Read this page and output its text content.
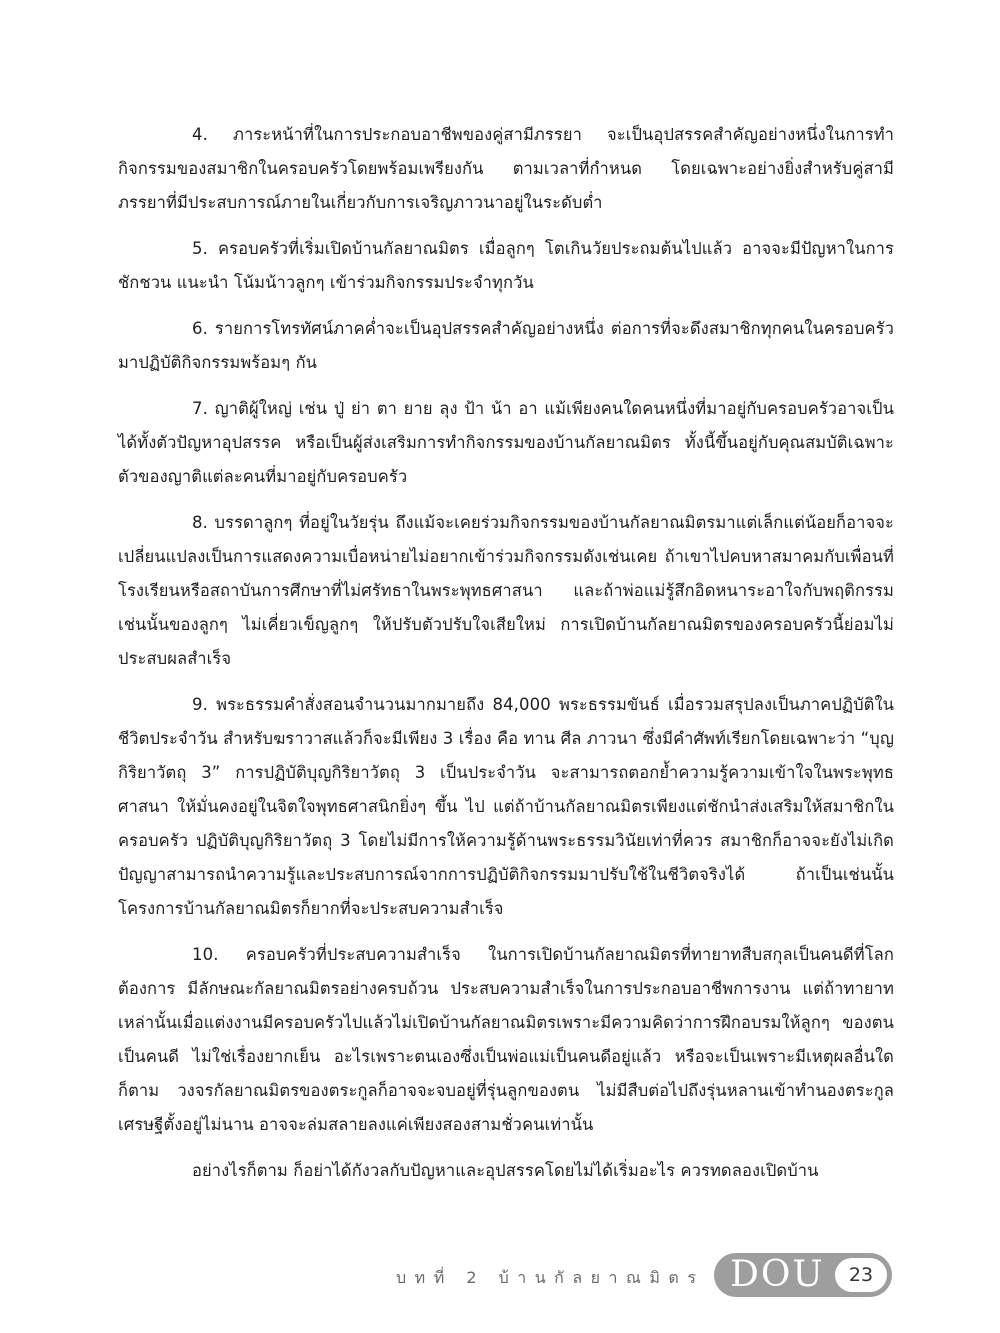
4. ภาระหน้าที่ในการประกอบอาชีพของคู่สามีภรรยา จะเป็นอุปสรรคสำคัญอย่างหนึ่งในการทำกิจกรรมของสมาชิกในครอบครัวโดยพร้อมเพรียงกัน ตามเวลาที่กำหนด โดยเฉพาะอย่างยิ่งสำหรับคู่สามีภรรยาที่มีประสบการณ์ภายในเกี่ยวกับการเจริญภาวนาอยู่ในระดับต่ำ

5. ครอบครัวที่เริ่มเปิดบ้านกัลยาณมิตร เมื่อลูกๆ โตเกินวัยประถมต้นไปแล้ว อาจจะมีปัญหาในการชักชวน แนะนำ โน้มน้าวลูกๆ เข้าร่วมกิจกรรมประจำทุกวัน

6. รายการโทรทัศน์ภาคค่ำจะเป็นอุปสรรคสำคัญอย่างหนึ่ง ต่อการที่จะดึงสมาชิกทุกคนในครอบครัวมาปฏิบัติกิจกรรมพร้อมๆ กัน

7. ญาติผู้ใหญ่ เช่น ปู่ ย่า ตา ยาย ลุง ป้า น้า อา แม้เพียงคนใดคนหนึ่งที่มาอยู่กับครอบครัวอาจเป็นได้ทั้งตัวปัญหาอุปสรรค หรือเป็นผู้ส่งเสริมการทำกิจกรรมของบ้านกัลยาณมิตร ทั้งนี้ขึ้นอยู่กับคุณสมบัติเฉพาะตัวของญาติแต่ละคนที่มาอยู่กับครอบครัว

8. บรรดาลูกๆ ที่อยู่ในวัยรุ่น ถึงแม้จะเคยร่วมกิจกรรมของบ้านกัลยาณมิตรมาแต่เล็กแต่น้อยก็อาจจะเปลี่ยนแปลงเป็นการแสดงความเบื่อหน่ายไม่อยากเข้าร่วมกิจกรรมดังเช่นเคย ถ้าเขาไปคบหาสมาคมกับเพื่อนที่โรงเรียนหรือสถาบันการศึกษาที่ไม่ศรัทธาในพระพุทธศาสนา และถ้าพ่อแม่รู้สึกอิดหนาระอาใจกับพฤติกรรมเช่นนั้นของลูกๆ ไม่เคี่ยวเข็ญลูกๆ ให้ปรับตัวปรับใจเสียใหม่ การเปิดบ้านกัลยาณมิตรของครอบครัวนี้ย่อมไม่ประสบผลสำเร็จ

9. พระธรรมคำสั่งสอนจำนวนมากมายถึง 84,000 พระธรรมขันธ์ เมื่อรวมสรุปลงเป็นภาคปฏิบัติในชีวิตประจำวัน สำหรับฆราวาสแล้วก็จะมีเพียง 3 เรื่อง คือ ทาน ศีล ภาวนา ซึ่งมีคำศัพท์เรียกโดยเฉพาะว่า “บุญกิริยาวัตถุ 3” การปฏิบัติบุญกิริยาวัตถุ 3 เป็นประจำวัน จะสามารถตอกย้ำความรู้ความเข้าใจในพระพุทธศาสนา ให้มั่นคงอยู่ในจิตใจพุทธศาสนิกยิ่งๆ ขึ้น ไป แต่ถ้าบ้านกัลยาณมิตรเพียงแต่ชักนำส่งเสริมให้สมาชิกในครอบครัว ปฏิบัติบุญกิริยาวัตถุ 3 โดยไม่มีการให้ความรู้ด้านพระธรรมวินัยเท่าที่ควร สมาชิกก็อาจจะยังไม่เกิดปัญญาสามารถนำความรู้และประสบการณ์จากการปฏิบัติกิจกรรมมาปรับใช้ในชีวิตจริงได้ ถ้าเป็นเช่นนั้น โครงการบ้านกัลยาณมิตรก็ยากที่จะประสบความสำเร็จ

10. ครอบครัวที่ประสบความสำเร็จ ในการเปิดบ้านกัลยาณมิตรที่ทายาทสืบสกุลเป็นคนดีที่โลกต้องการ มีลักษณะกัลยาณมิตรอย่างครบถ้วน ประสบความสำเร็จในการประกอบอาชีพการงาน แต่ถ้าทายาทเหล่านั้นเมื่อแต่งงานมีครอบครัวไปแล้วไม่เปิดบ้านกัลยาณมิตรเพราะมีความคิดว่าการฝึกอบรมให้ลูกๆ ของตนเป็นคนดี ไม่ใช่เรื่องยากเย็น อะไรเพราะตนเองซึ่งเป็นพ่อแม่เป็นคนดีอยู่แล้ว หรือจะเป็นเพราะมีเหตุผลอื่นใดก็ตาม วงจรกัลยาณมิตรของตระกูลก็อาจจะจบอยู่ที่รุ่นลูกของตน ไม่มีสืบต่อไปถึงรุ่นหลานเข้าทำนองตระกูลเศรษฐีตั้งอยู่ไม่นาน อาจจะล่มสลายลงแค่เพียงสองสามชั่วคนเท่านั้น

อย่างไรก็ตาม ก็อย่าได้กังวลกับปัญหาและอุปสรรคโดยไม่ได้เริ่มอะไร ควรทดลองเปิดบ้าน

บทที่ 2 บ้านกัลยาณมิตร DOU	23
